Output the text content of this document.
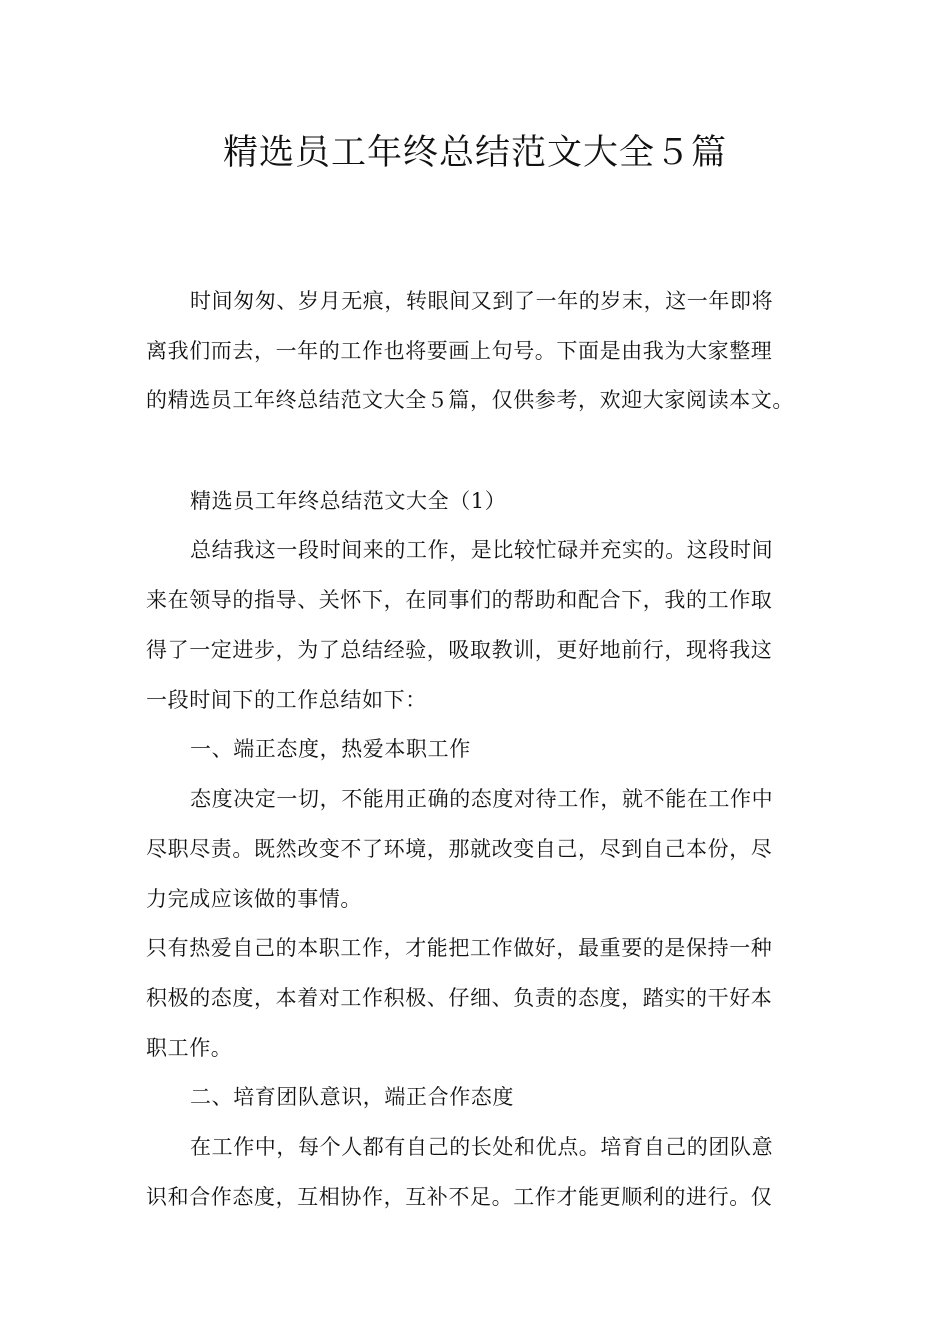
精选员工年终总结范文大全５篇
时间匆匆、岁月无痕，转眼间又到了一年的岁末，这一年即将
离我们而去，一年的工作也将要画上句号。下面是由我为大家整理
的精选员工年终总结范文大全５篇，仅供参考，欢迎大家阅读本文。
精选员工年终总结范文大全（1）
总结我这一段时间来的工作，是比较忙碌并充实的。这段时间
来在领导的指导、关怀下，在同事们的帮助和配合下，我的工作取
得了一定进步，为了总结经验，吸取教训，更好地前行，现将我这
一段时间下的工作总结如下：
一、端正态度，热爱本职工作
态度决定一切，不能用正确的态度对待工作，就不能在工作中
尽职尽责。既然改变不了环境，那就改变自己，尽到自己本份，尽
力完成应该做的事情。
只有热爱自己的本职工作，才能把工作做好，最重要的是保持一种
积极的态度，本着对工作积极、仔细、负责的态度，踏实的干好本
职工作。
二、培育团队意识，端正合作态度
在工作中，每个人都有自己的长处和优点。培育自己的团队意
识和合作态度，互相协作，互补不足。工作才能更顺利的进行。仅
